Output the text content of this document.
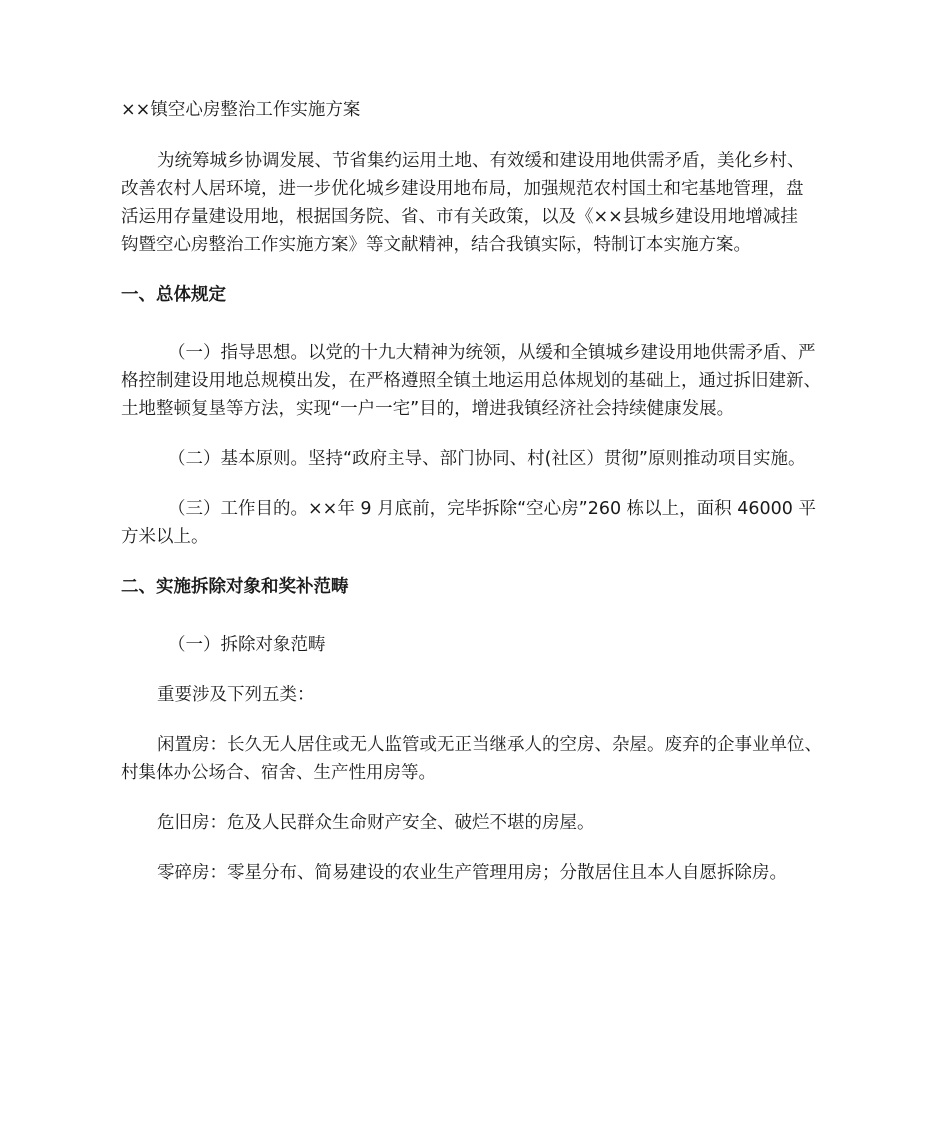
××镇空心房整治工作实施方案

为统筹城乡协调发展、节省集约运用土地、有效缓和建设用地供需矛盾，美化乡村、

改善农村人居环境，进一步优化城乡建设用地布局，加强规范农村国土和宅基地管理，盘

活运用存量建设用地，根据国务院、省、市有关政策，以及《××县城乡建设用地增减挂

钩暨空心房整治工作实施方案》等文献精神，结合我镇实际，特制订本实施方案。

一、总体规定

（一）指导思想。以党的十九大精神为统领，从缓和全镇城乡建设用地供需矛盾、严

格控制建设用地总规模出发，在严格遵照全镇土地运用总体规划的基础上，通过拆旧建新、

土地整顿复垦等方法，实现“一户一宅”目的，增进我镇经济社会持续健康发展。

（二）基本原则。坚持“政府主导、部门协同、村(社区）贯彻”原则推动项目实施。

（三）工作目的。××年 9 月底前，完毕拆除“空心房”260 栋以上，面积 46000 平

方米以上。

二、实施拆除对象和奖补范畴

（一）拆除对象范畴

重要涉及下列五类：

闲置房：长久无人居住或无人监管或无正当继承人的空房、杂屋。废弃的企事业单位、

村集体办公场合、宿舍、生产性用房等。

危旧房：危及人民群众生命财产安全、破烂不堪的房屋。

零碎房：零星分布、简易建设的农业生产管理用房；分散居住且本人自愿拆除房。
